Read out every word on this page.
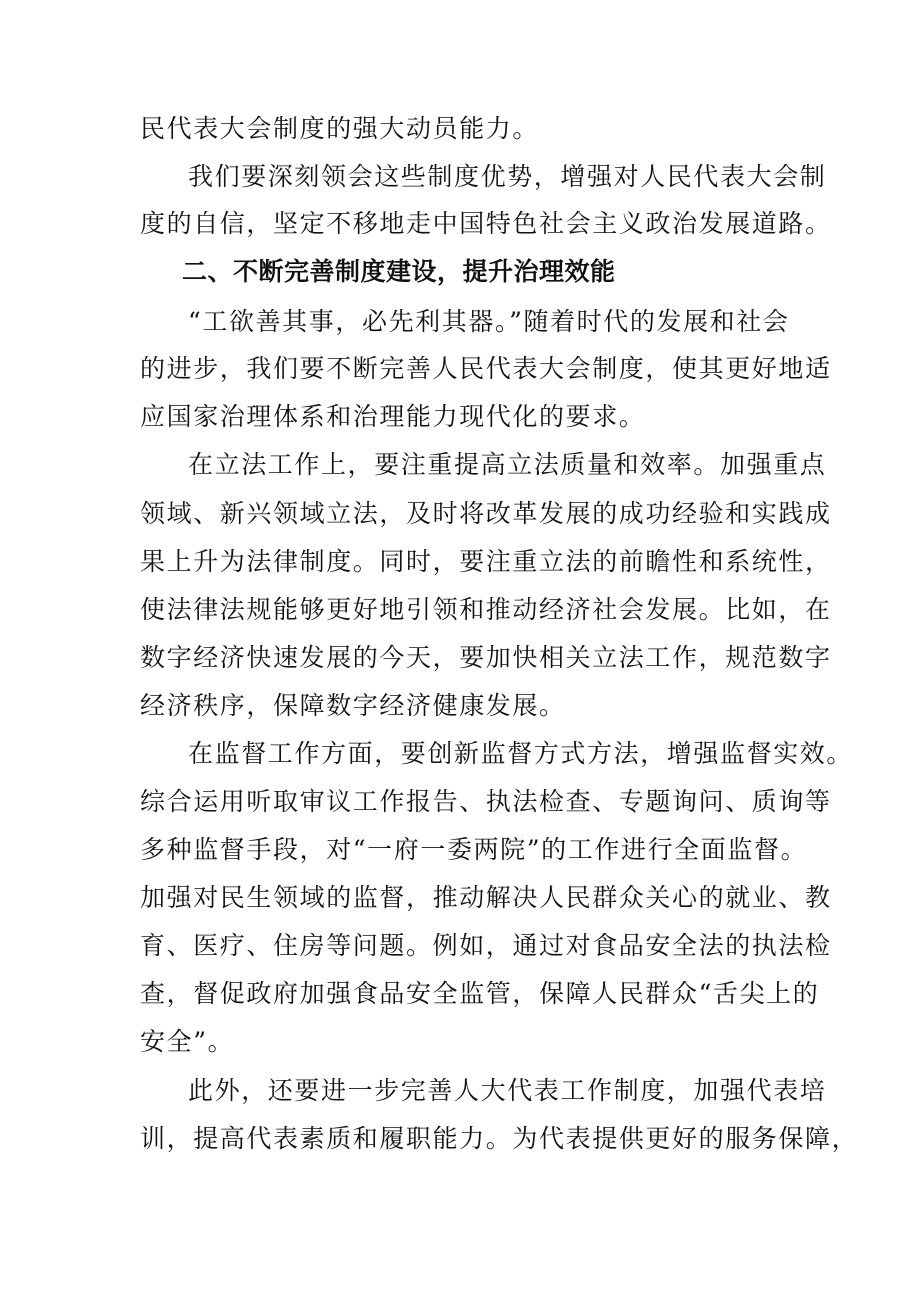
民代表大会制度的强大动员能力。
我们要深刻领会这些制度优势，增强对人民代表大会制
度的自信，坚定不移地走中国特色社会主义政治发展道路。
二、不断完善制度建设，提升治理效能
“工欲善其事，必先利其器。”随着时代的发展和社会
的进步，我们要不断完善人民代表大会制度，使其更好地适
应国家治理体系和治理能力现代化的要求。
在立法工作上，要注重提高立法质量和效率。加强重点
领域、新兴领域立法，及时将改革发展的成功经验和实践成
果上升为法律制度。同时，要注重立法的前瞻性和系统性，
使法律法规能够更好地引领和推动经济社会发展。比如，在
数字经济快速发展的今天，要加快相关立法工作，规范数字
经济秩序，保障数字经济健康发展。
在监督工作方面，要创新监督方式方法，增强监督实效。
综合运用听取审议工作报告、执法检查、专题询问、质询等
多种监督手段，对“一府一委两院”的工作进行全面监督。
加强对民生领域的监督，推动解决人民群众关心的就业、教
育、医疗、住房等问题。例如，通过对食品安全法的执法检
查，督促政府加强食品安全监管，保障人民群众“舌尖上的
安全”。
此外，还要进一步完善人大代表工作制度，加强代表培
训，提高代表素质和履职能力。为代表提供更好的服务保障，
